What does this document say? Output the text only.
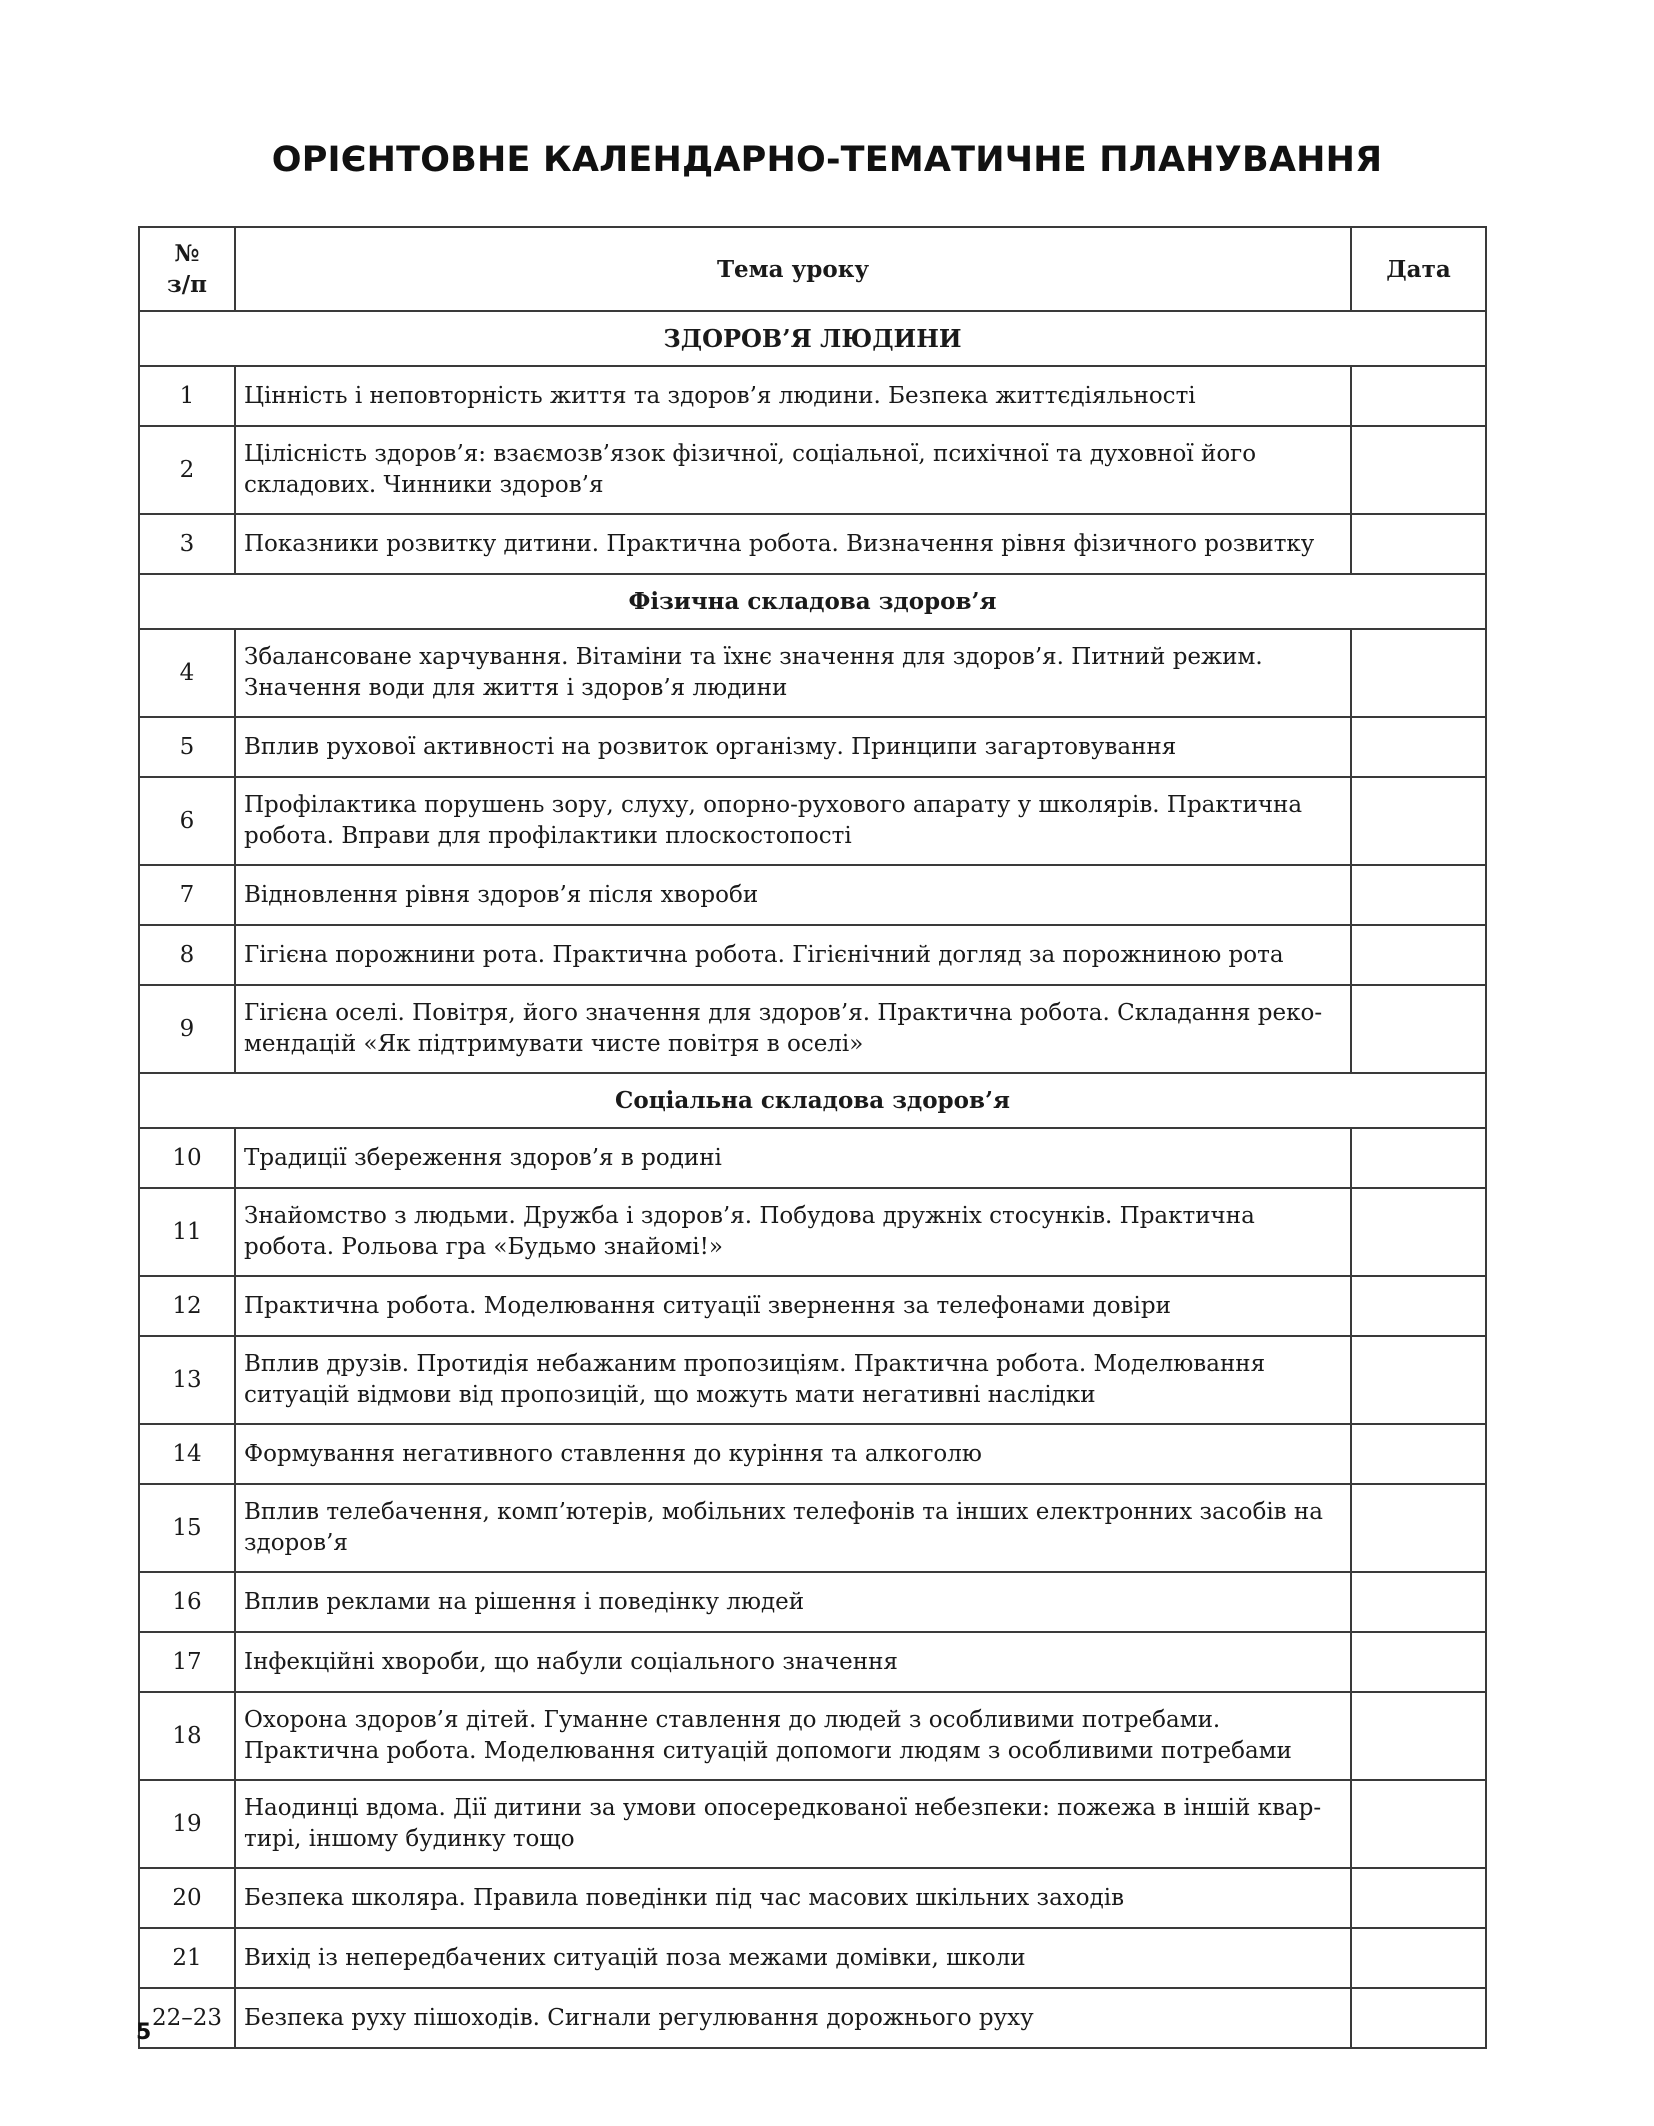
ОРІЄНТОВНЕ КАЛЕНДАРНО-ТЕМАТИЧНЕ ПЛАНУВАННЯ
№
з/п	Тема уроку	Дата
ЗДОРОВ’Я ЛЮДИНИ		
1	Цінність і неповторність життя та здоров’я людини. Безпека життєдіяльності	
2	Цілісність здоров’я: взаємозв’язок фізичної, соціальної, психічної та духовної його складових. Чинники здоров’я	
3	Показники розвитку дитини. Практична робота. Визначення рівня фізичного розвитку	
Фізична складова здоров’я		
4	Збалансоване харчування. Вітаміни та їхнє значення для здоров’я. Питний режим. Значення води для життя і здоров’я людини	
5	Вплив рухової активності на розвиток організму. Принципи загартовування	
6	Профілактика порушень зору, слуху, опорно-рухового апарату у школярів. Практична робота. Вправи для профілактики плоскостопості	
7	Відновлення рівня здоров’я після хвороби	
8	Гігієна порожнини рота. Практична робота. Гігієнічний догляд за порожниною рота	
9	Гігієна оселі. Повітря, його значення для здоров’я. Практична робота. Складання реко-мендацій «Як підтримувати чисте повітря в оселі»	
Соціальна складова здоров’я		
10	Традиції збереження здоров’я в родині	
11	Знайомство з людьми. Дружба і здоров’я. Побудова дружніх стосунків. Практична робота. Рольова гра «Будьмо знайомі!»	
12	Практична робота. Моделювання ситуації звернення за телефонами довіри	
13	Вплив друзів. Протидія небажаним пропозиціям. Практична робота. Моделювання ситуацій відмови від пропозицій, що можуть мати негативні наслідки	
14	Формування негативного ставлення до куріння та алкоголю	
15	Вплив телебачення, комп’ютерів, мобільних телефонів та інших електронних засобів на здоров’я	
16	Вплив реклами на рішення і поведінку людей	
17	Інфекційні хвороби, що набули соціального значення	
18	Охорона здоров’я дітей. Гуманне ставлення до людей з особливими потребами. Практична робота. Моделювання ситуацій допомоги людям з особливими потребами	
19	Наодинці вдома. Дії дитини за умови опосередкованої небезпеки: пожежа в іншій квар-тирі, іншому будинку тощо	
20	Безпека школяра. Правила поведінки під час масових шкільних заходів	
21	Вихід із непередбачених ситуацій поза межами домівки, школи	
22–23	Безпека руху пішоходів. Сигнали регулювання дорожнього руху	
5
